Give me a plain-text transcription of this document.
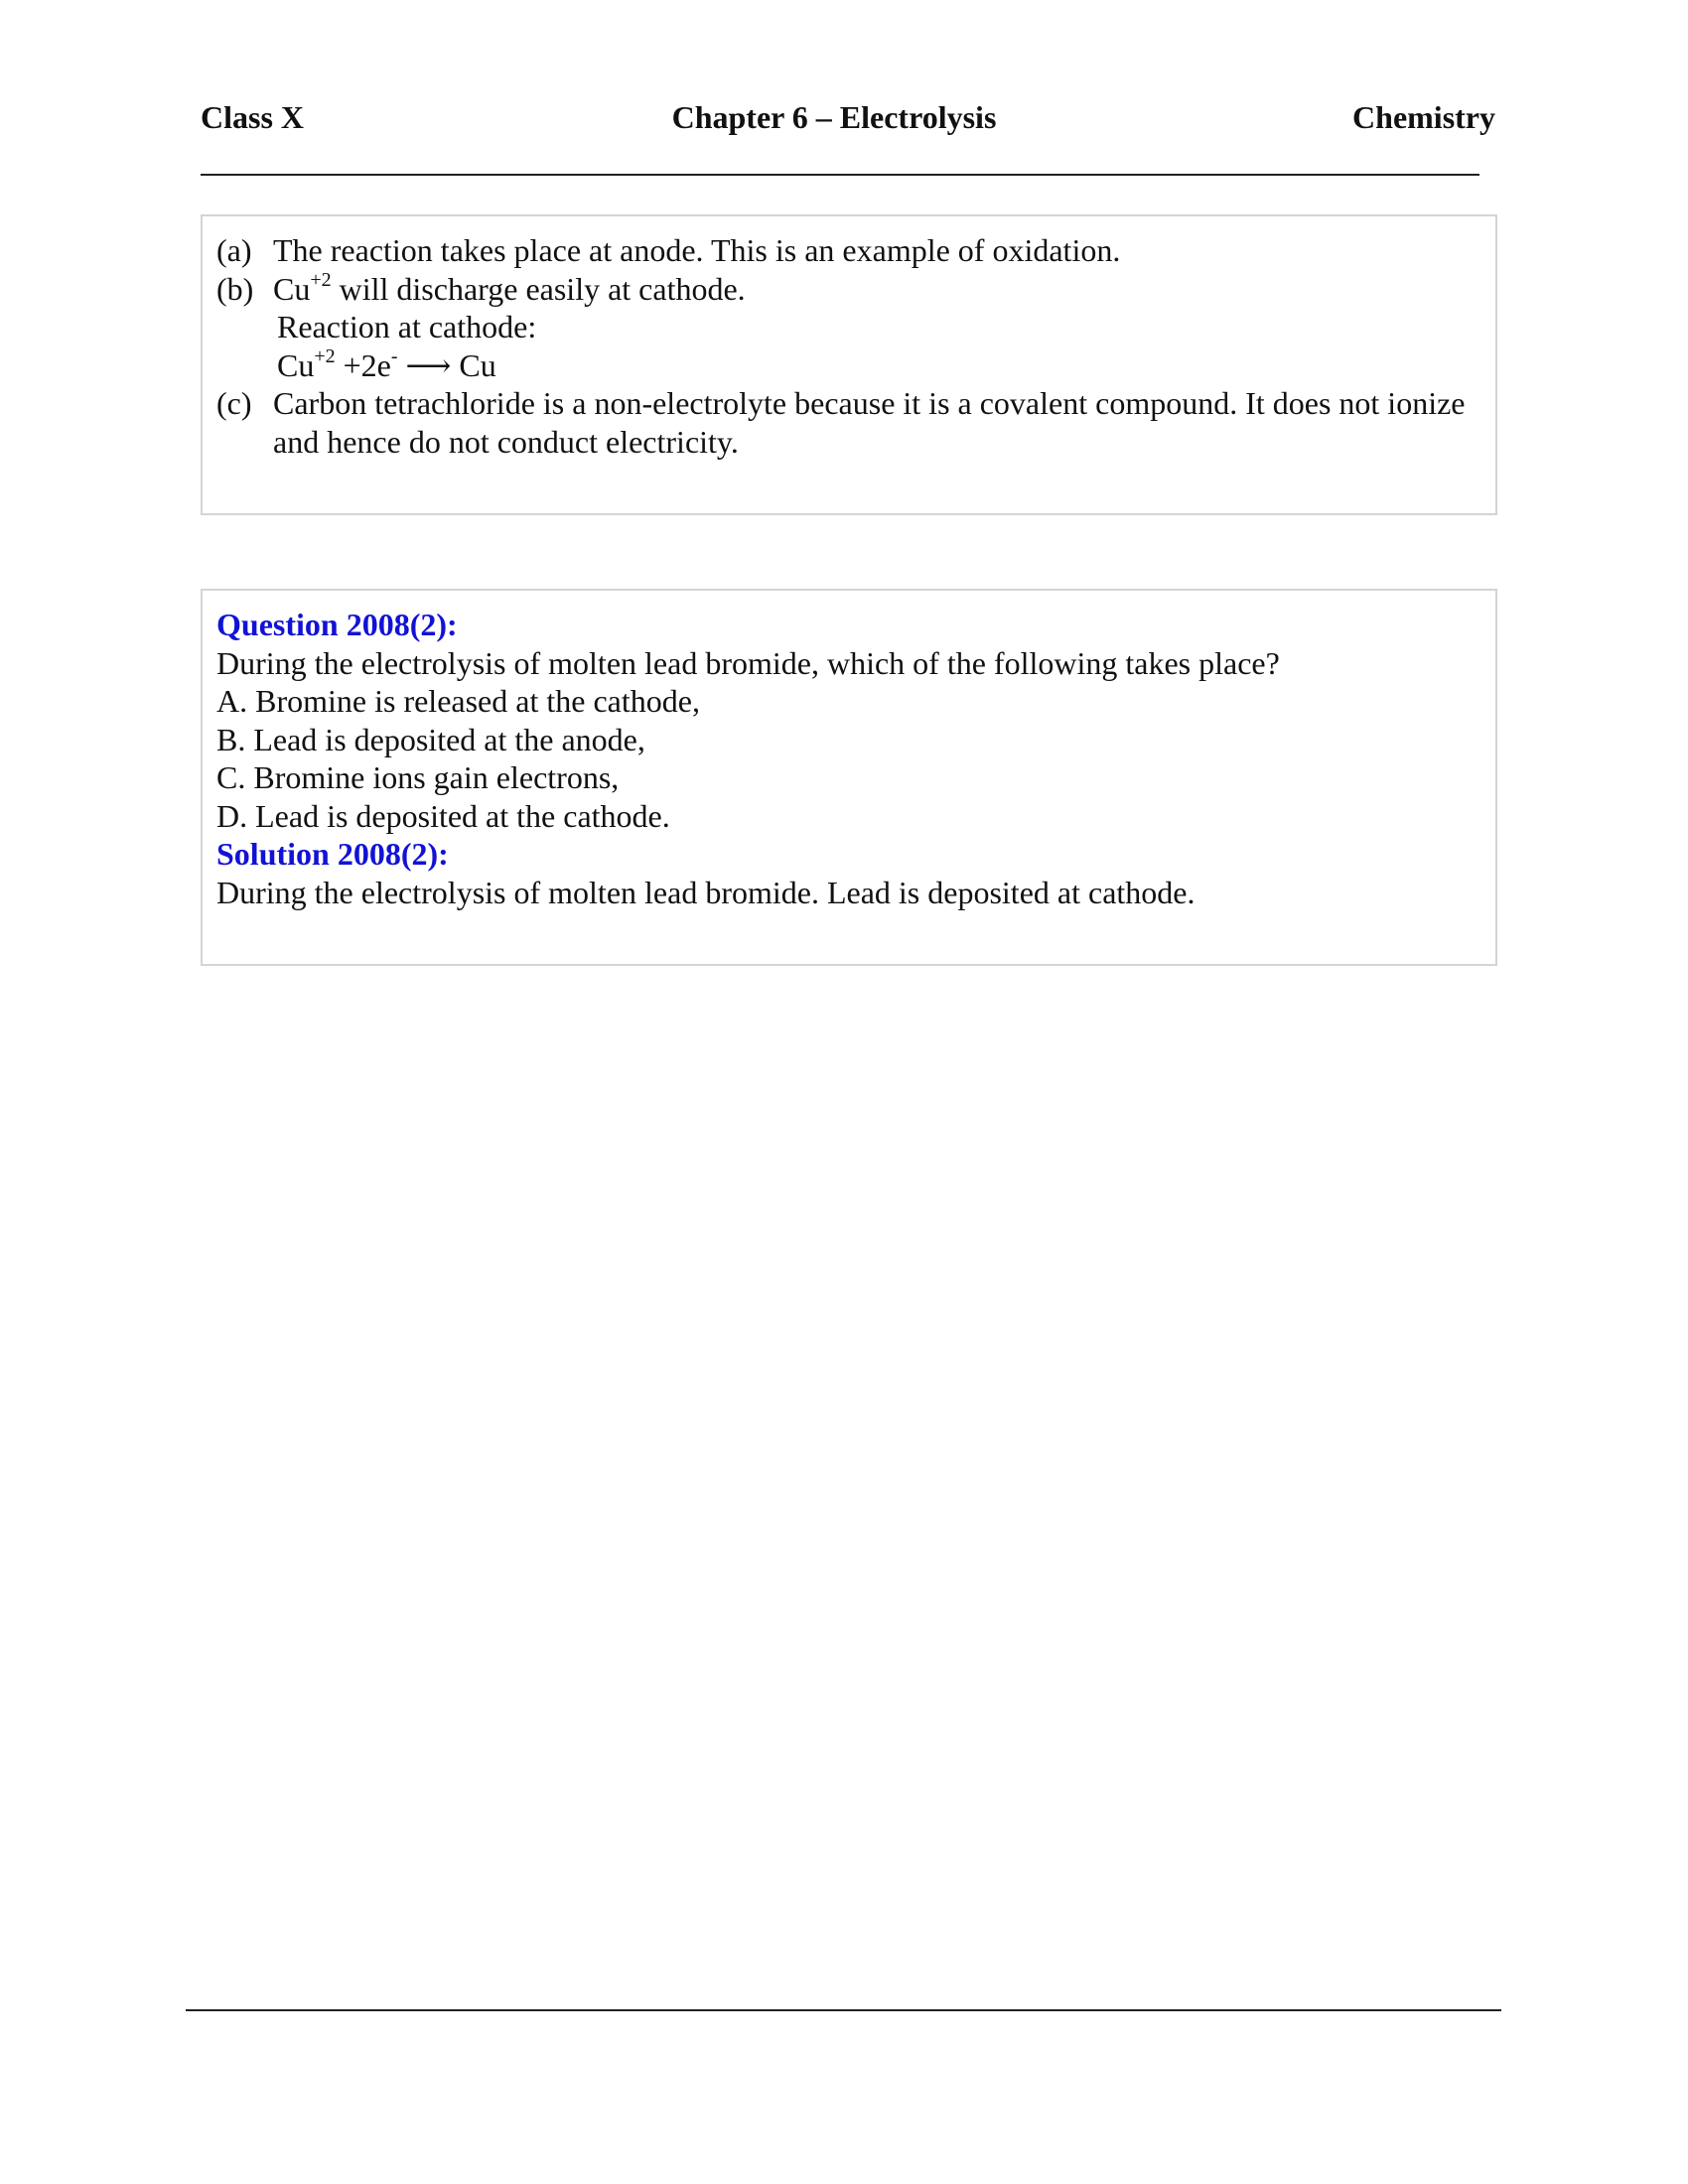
Class X	Chapter 6 – Electrolysis	Chemistry
(a) The reaction takes place at anode. This is an example of oxidation.
(b) $Cu^{+2}$ will discharge easily at cathode.
Reaction at cathode:
$Cu^{+2} +2e^-$ ⟶ Cu
(c) Carbon tetrachloride is a non-electrolyte because it is a covalent compound. It does not ionize and hence do not conduct electricity.
Question 2008(2):
During the electrolysis of molten lead bromide, which of the following takes place?
A. Bromine is released at the cathode,
B. Lead is deposited at the anode,
C. Bromine ions gain electrons,
D. Lead is deposited at the cathode.
Solution 2008(2):
During the electrolysis of molten lead bromide. Lead is deposited at cathode.
